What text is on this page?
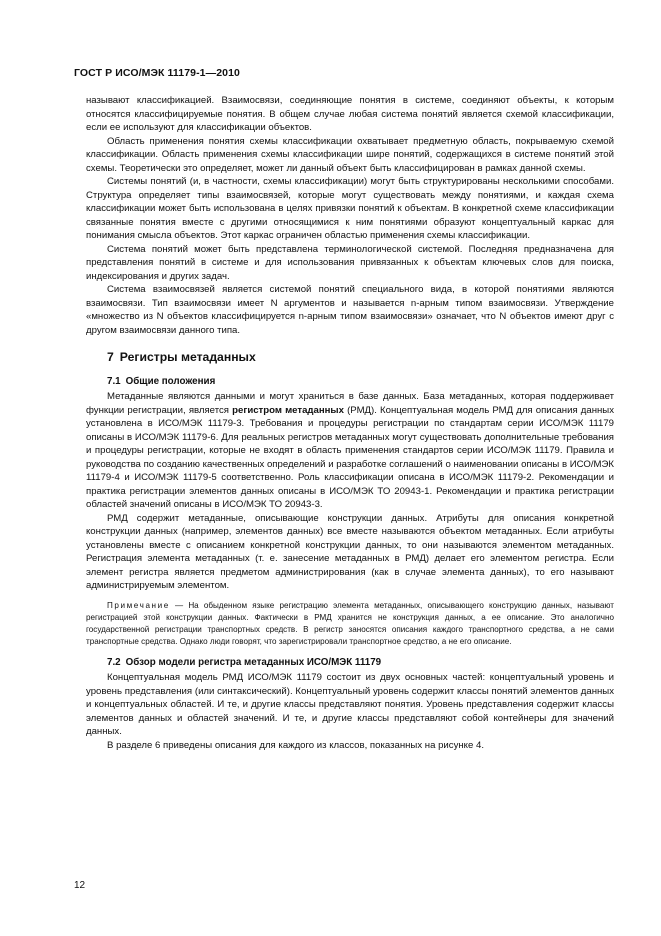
ГОСТ Р ИСО/МЭК 11179-1—2010

называют классификацией. Взаимосвязи, соединяющие понятия в системе, соединяют объекты, к которым относятся классифицируемые понятия. В общем случае любая система понятий является схемой классификации, если ее используют для классификации объектов.

Область применения понятия схемы классификации охватывает предметную область, покрываемую схемой классификации. Область применения схемы классификации шире понятий, содержащихся в системе понятий этой схемы. Теоретически это определяет, может ли данный объект быть классифицирован в рамках данной схемы.

Системы понятий (и, в частности, схемы классификации) могут быть структурированы несколькими способами. Структура определяет типы взаимосвязей, которые могут существовать между понятиями, и каждая схема классификации может быть использована в целях привязки понятий к объектам. В конкретной схеме классификации связанные понятия вместе с другими относящимися к ним понятиями образуют концептуальный каркас для понимания смысла объектов. Этот каркас ограничен областью применения схемы классификации.

Система понятий может быть представлена терминологической системой. Последняя предназначена для представления понятий в системе и для использования привязанных к объектам ключевых слов для поиска, индексирования и других задач.

Система взаимосвязей является системой понятий специального вида, в которой понятиями являются взаимосвязи. Тип взаимосвязи имеет N аргументов и называется n-арным типом взаимосвязи. Утверждение «множество из N объектов классифицируется n-арным типом взаимосвязи» означает, что N объектов имеют друг с другом взаимосвязи данного типа.

7 Регистры метаданных
7.1 Общие положения

Метаданные являются данными и могут храниться в базе данных. База метаданных, которая поддерживает функции регистрации, является регистром метаданных (РМД). Концептуальная модель РМД для описания данных установлена в ИСО/МЭК 11179-3. Требования и процедуры регистрации по стандартам серии ИСО/МЭК 11179 описаны в ИСО/МЭК 11179-6. Для реальных регистров метаданных могут существовать дополнительные требования и процедуры регистрации, которые не входят в область применения стандартов серии ИСО/МЭК 11179. Правила и руководства по созданию качественных определений и разработке соглашений о наименовании описаны в ИСО/МЭК 11179-4 и ИСО/МЭК 11179-5 соответственно. Роль классификации описана в ИСО/МЭК 11179-2. Рекомендации и практика регистрации элементов данных описаны в ИСО/МЭК ТО 20943-1. Рекомендации и практика регистрации областей значений описаны в ИСО/МЭК ТО 20943-3.

РМД содержит метаданные, описывающие конструкции данных. Атрибуты для описания конкретной конструкции данных (например, элементов данных) все вместе называются объектом метаданных. Если атрибуты установлены вместе с описанием конкретной конструкции данных, то они называются элементом метаданных. Регистрация элемента метаданных (т. е. занесение метаданных в РМД) делает его элементом регистра. Если элемент регистра является предметом администрирования (как в случае элемента данных), то его называют администрируемым элементом.

Примечание — На обыденном языке регистрацию элемента метаданных, описывающего конструкцию данных, называют регистрацией этой конструкции данных. Фактически в РМД хранится не конструкция данных, а ее описание. Это аналогично государственной регистрации транспортных средств. В регистр заносятся описания каждого транспортного средства, а не сами транспортные средства. Однако люди говорят, что зарегистрировали транспортное средство, а не его описание.

7.2 Обзор модели регистра метаданных ИСО/МЭК 11179

Концептуальная модель РМД ИСО/МЭК 11179 состоит из двух основных частей: концептуальный уровень и уровень представления (или синтаксический). Концептуальный уровень содержит классы понятий элементов данных и концептуальных областей. И те, и другие классы представляют понятия. Уровень представления содержит классы элементов данных и областей значений. И те, и другие классы представляют собой контейнеры для значений данных.

В разделе 6 приведены описания для каждого из классов, показанных на рисунке 4.

12
